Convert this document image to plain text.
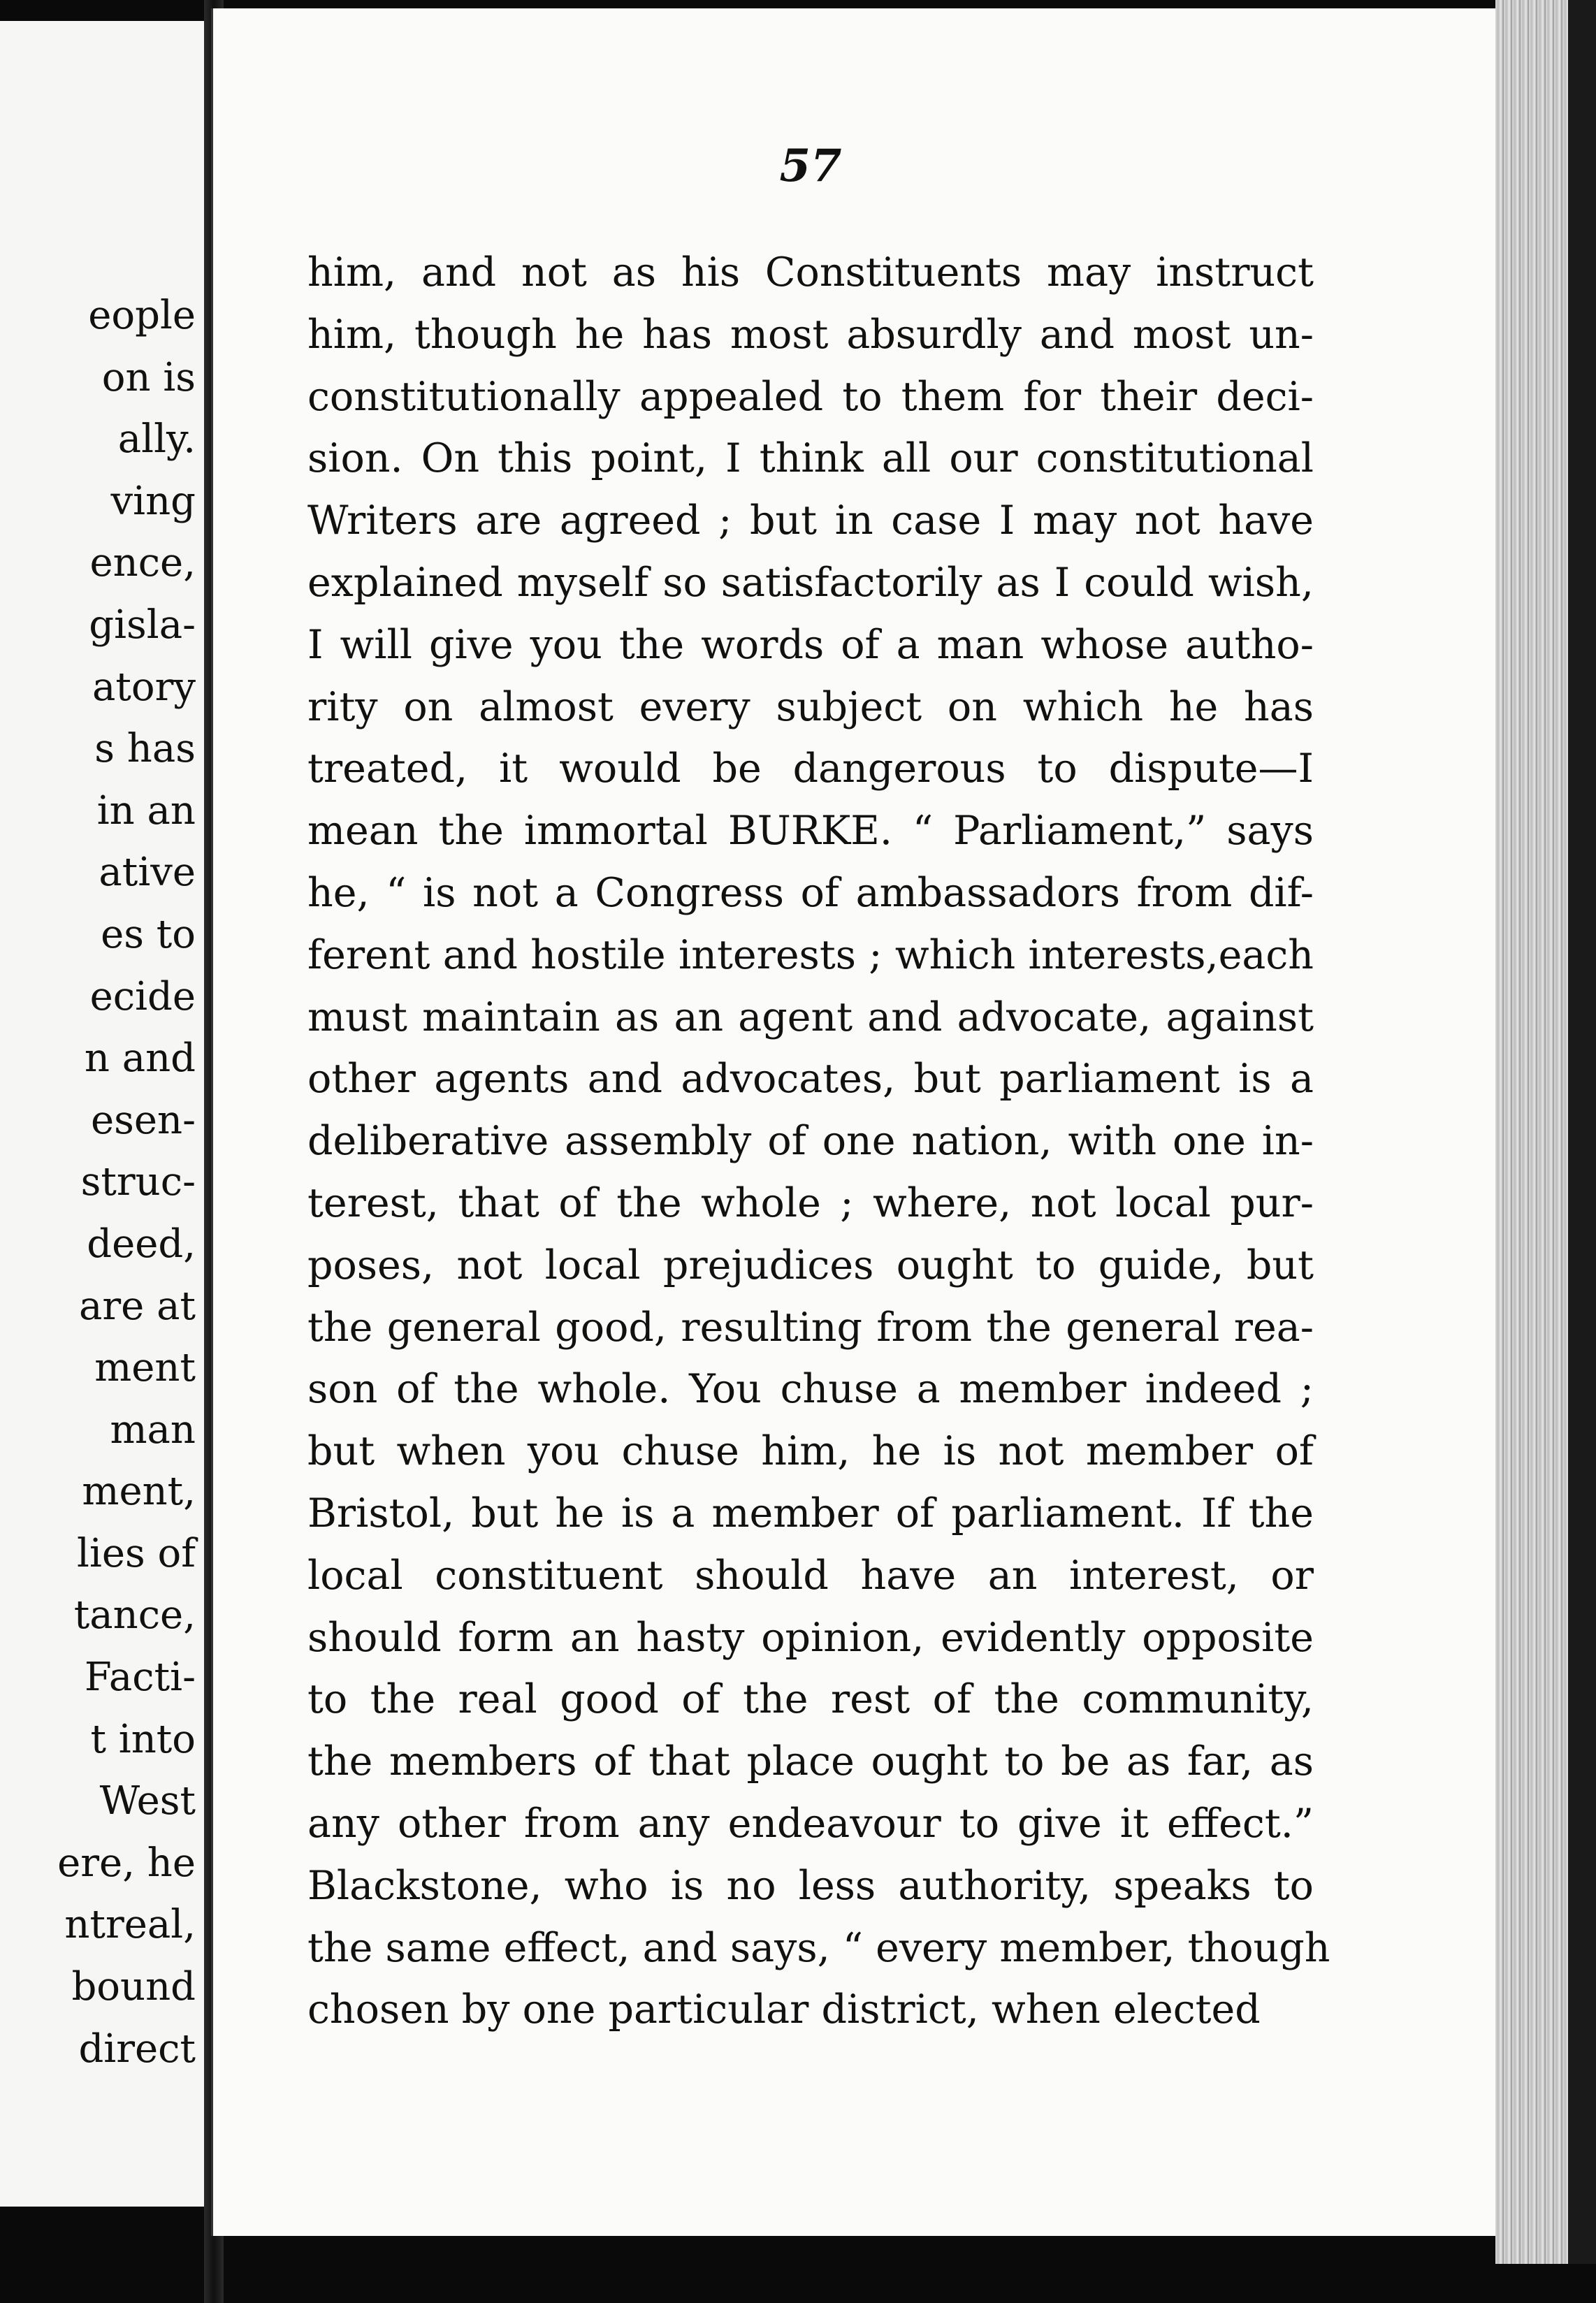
eople
on is
ally.
ving
ence,
gisla-
atory
s has
in an
ative
es to
ecide
n and
esen-
struc-
deed,
are at
ment
man
ment,
lies of
tance,
Facti-
t into
West
ere, he
ntreal,
bound
direct
57
him, and not as his Constituents may instruct
him, though he has most absurdly and most un-
constitutionally appealed to them for their deci-
sion. On this point, I think all our constitutional
Writers are agreed ; but in case I may not have
explained myself so satisfactorily as I could wish,
I will give you the words of a man whose autho-
rity on almost every subject on which he has
treated, it would be dangerous to dispute—I
mean the immortal BURKE. “ Parliament,” says
he, “ is not a Congress of ambassadors from dif-
ferent and hostile interests ; which interests,each
must maintain as an agent and advocate, against
other agents and advocates, but parliament is a
deliberative assembly of one nation, with one in-
terest, that of the whole ; where, not local pur-
poses, not local prejudices ought to guide, but
the general good, resulting from the general rea-
son of the whole. You chuse a member indeed ;
but when you chuse him, he is not member of
Bristol, but he is a member of parliament. If the
local constituent should have an interest, or
should form an hasty opinion, evidently opposite
to the real good of the rest of the community,
the members of that place ought to be as far, as
any other from any endeavour to give it effect.”
Blackstone, who is no less authority, speaks to
the same effect, and says, “ every member, though
chosen by one particular district, when elected
